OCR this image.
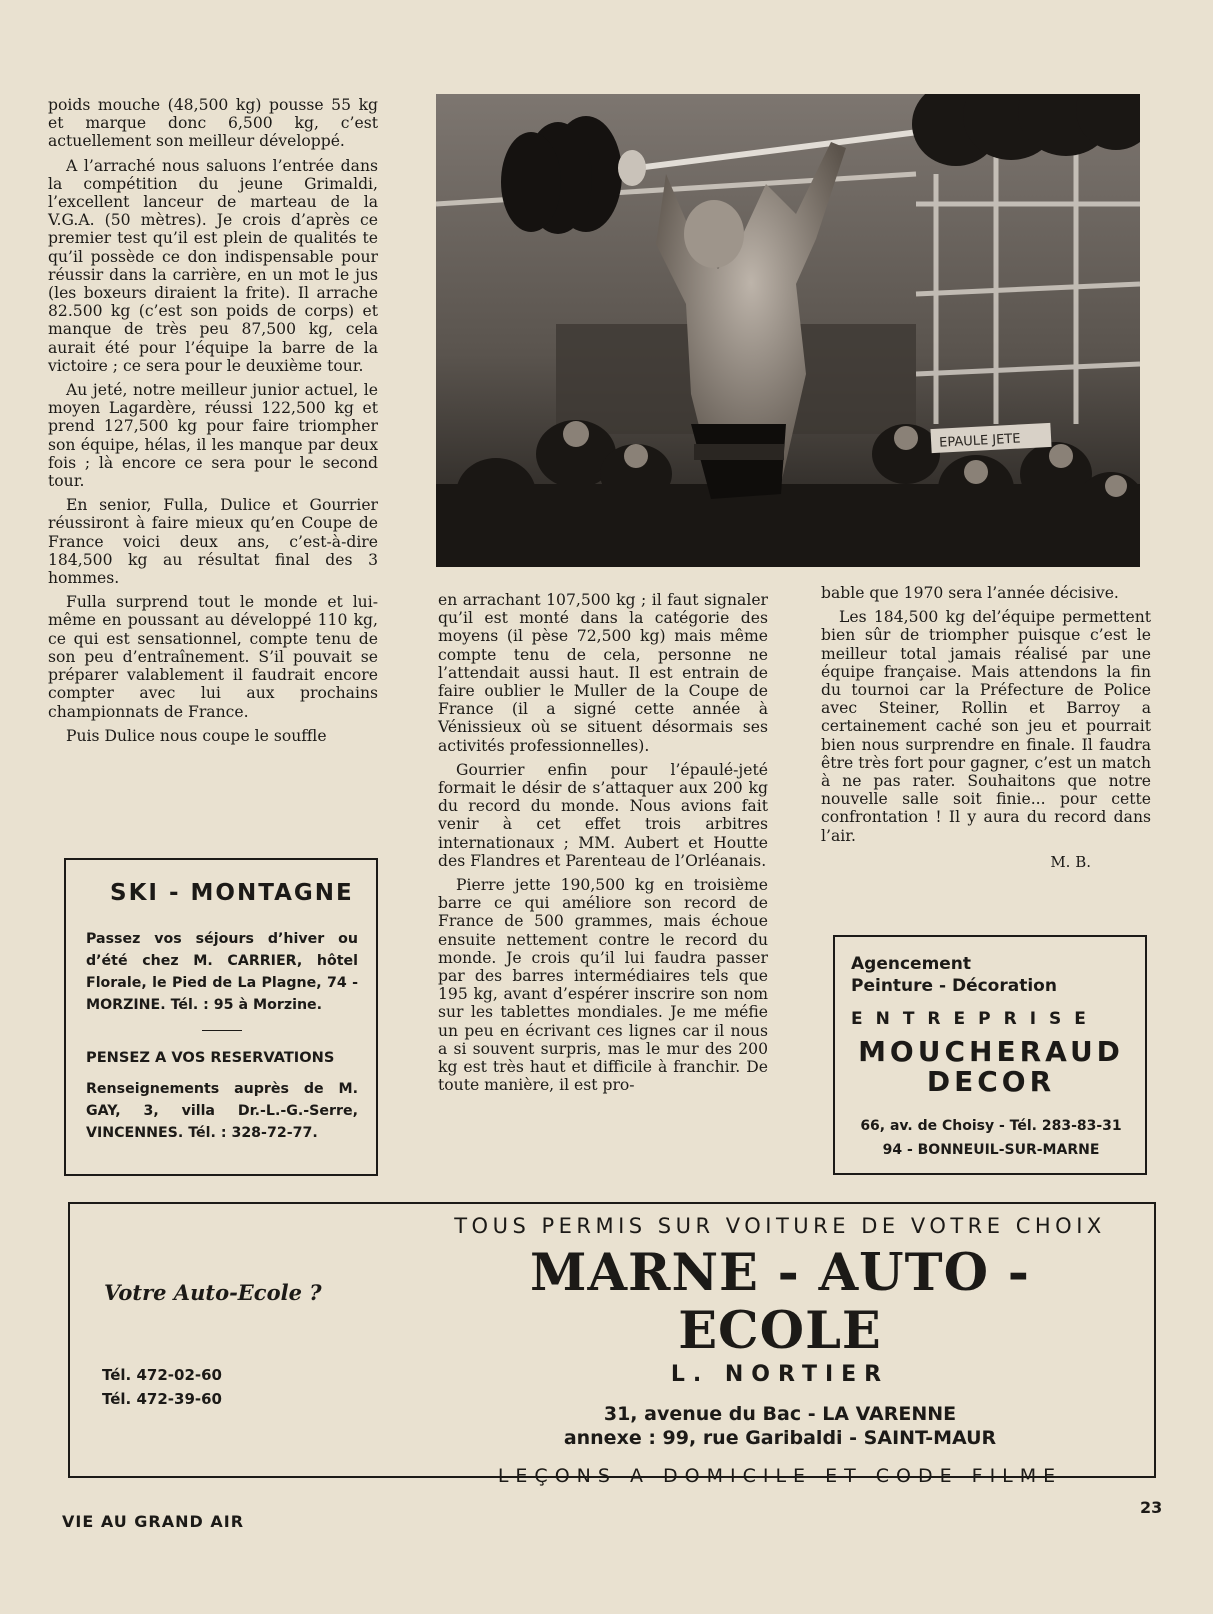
poids mouche (48,500 kg) pousse 55 kg et marque donc 6,500 kg, c’est actuellement son meilleur développé.

A l’arraché nous saluons l’entrée dans la compétition du jeune Grimaldi, l’excellent lanceur de marteau de la V.G.A. (50 mètres). Je crois d’après ce premier test qu’il est plein de qualités te qu’il possède ce don indispensable pour réussir dans la carrière, en un mot le jus (les boxeurs diraient la frite). Il arrache 82.500 kg (c’est son poids de corps) et manque de très peu 87,500 kg, cela aurait été pour l’équipe la barre de la victoire ; ce sera pour le deuxième tour.

Au jeté, notre meilleur junior actuel, le moyen Lagardère, réussi 122,500 kg et prend 127,500 kg pour faire triompher son équipe, hélas, il les manque par deux fois ; là encore ce sera pour le second tour.

En senior, Fulla, Dulice et Gourrier réussiront à faire mieux qu’en Coupe de France voici deux ans, c’est-à-dire 184,500 kg au résultat final des 3 hommes.

Fulla surprend tout le monde et lui-même en poussant au développé 110 kg, ce qui est sensationnel, compte tenu de son peu d’entraînement. S’il pouvait se préparer valablement il faudrait encore compter avec lui aux prochains championnats de France.

Puis Dulice nous coupe le souffle

EPAULE JETE

en arrachant 107,500 kg ; il faut signaler qu’il est monté dans la catégorie des moyens (il pèse 72,500 kg) mais même compte tenu de cela, personne ne l’attendait aussi haut. Il est entrain de faire oublier le Muller de la Coupe de France (il a signé cette année à Vénissieux où se situent désormais ses activités professionnelles).

Gourrier enfin pour l’épaulé-jeté formait le désir de s’attaquer aux 200 kg du record du monde. Nous avions fait venir à cet effet trois arbitres internationaux ; MM. Aubert et Houtte des Flandres et Parenteau de l’Orléanais.

Pierre jette 190,500 kg en troisième barre ce qui améliore son record de France de 500 grammes, mais échoue ensuite nettement contre le record du monde. Je crois qu’il lui faudra passer par des barres intermédiaires tels que 195 kg, avant d’espérer inscrire son nom sur les tablettes mondiales. Je me méfie un peu en écrivant ces lignes car il nous a si souvent surpris, mas le mur des 200 kg est très haut et difficile à franchir. De toute manière, il est pro-

bable que 1970 sera l’année décisive.

Les 184,500 kg del’équipe permettent bien sûr de triompher puisque c’est le meilleur total jamais réalisé par une équipe française. Mais attendons la fin du tournoi car la Préfecture de Police avec Steiner, Rollin et Barroy a certainement caché son jeu et pourrait bien nous surprendre en finale. Il faudra être très fort pour gagner, c’est un match à ne pas rater. Souhaitons que notre nouvelle salle soit finie... pour cette confrontation ! Il y aura du record dans l’air.

M. B.
SKI - MONTAGNE
Passez vos séjours d’hiver ou d’été chez M. CARRIER, hôtel Florale, le Pied de La Plagne, 74 - MORZINE. Tél. : 95 à Morzine.
PENSEZ A VOS RESERVATIONS
Renseignements auprès de M. GAY, 3, villa Dr.-L.-G.-Serre, VINCENNES. Tél. : 328-72-77.
Agencement
Peinture - Décoration
ENTREPRISE
MOUCHERAUD
DECOR
66, av. de Choisy - Tél. 283-83-31
94 - BONNEUIL-SUR-MARNE
Votre Auto-Ecole ?
Tél. 472-02-60
Tél. 472-39-60
TOUS PERMIS SUR VOITURE DE VOTRE CHOIX
MARNE - AUTO - ECOLE
L. NORTIER
31, avenue du Bac - LA VARENNE
annexe : 99, rue Garibaldi - SAINT-MAUR
LEÇONS A DOMICILE ET CODE FILME
VIE AU GRAND AIR
23
